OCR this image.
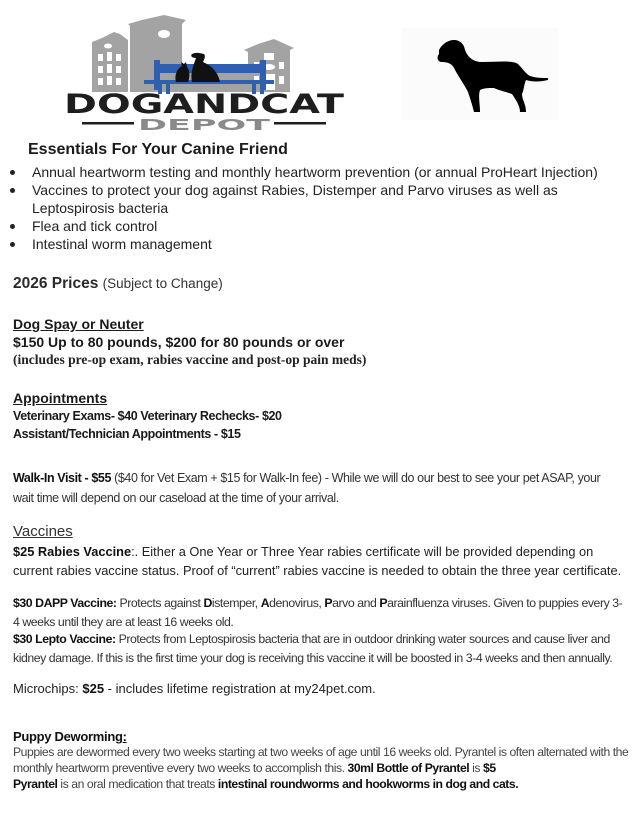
DOGANDCAT
DEPOT
Essentials For Your Canine Friend
Annual heartworm testing and monthly heartworm prevention (or annual ProHeart Injection)
Vaccines to protect your dog against Rabies, Distemper and Parvo viruses as well as
Leptospirosis bacteria
Flea and tick control
Intestinal worm management
2026 Prices (Subject to Change)
Dog Spay or Neuter
$150 Up to 80 pounds, $200 for 80 pounds or over
(includes pre-op exam, rabies vaccine and post-op pain meds)
Appointments
Veterinary Exams- $40 Veterinary Rechecks- $20
Assistant/Technician Appointments - $15
Walk-In Visit - $55 ($40 for Vet Exam + $15 for Walk-In fee) - While we will do our best to see your pet ASAP, your wait time will depend on our caseload at the time of your arrival.
Vaccines
$25 Rabies Vaccine:. Either a One Year or Three Year rabies certificate will be provided depending on current rabies vaccine status. Proof of “current” rabies vaccine is needed to obtain the three year certificate.
$30 DAPP Vaccine: Protects against Distemper, Adenovirus, Parvo and Parainfluenza viruses. Given to puppies every 3-4 weeks until they are at least 16 weeks old.
$30 Lepto Vaccine: Protects from Leptospirosis bacteria that are in outdoor drinking water sources and cause liver and kidney damage. If this is the first time your dog is receiving this vaccine it will be boosted in 3-4 weeks and then annually.
Microchips: $25 - includes lifetime registration at my24pet.com.
Puppy Deworming:
Puppies are dewormed every two weeks starting at two weeks of age until 16 weeks old. Pyrantel is often alternated with the monthly heartworm preventive every two weeks to accomplish this. 30ml Bottle of Pyrantel is $5
Pyrantel is an oral medication that treats intestinal roundworms and hookworms in dog and cats.
